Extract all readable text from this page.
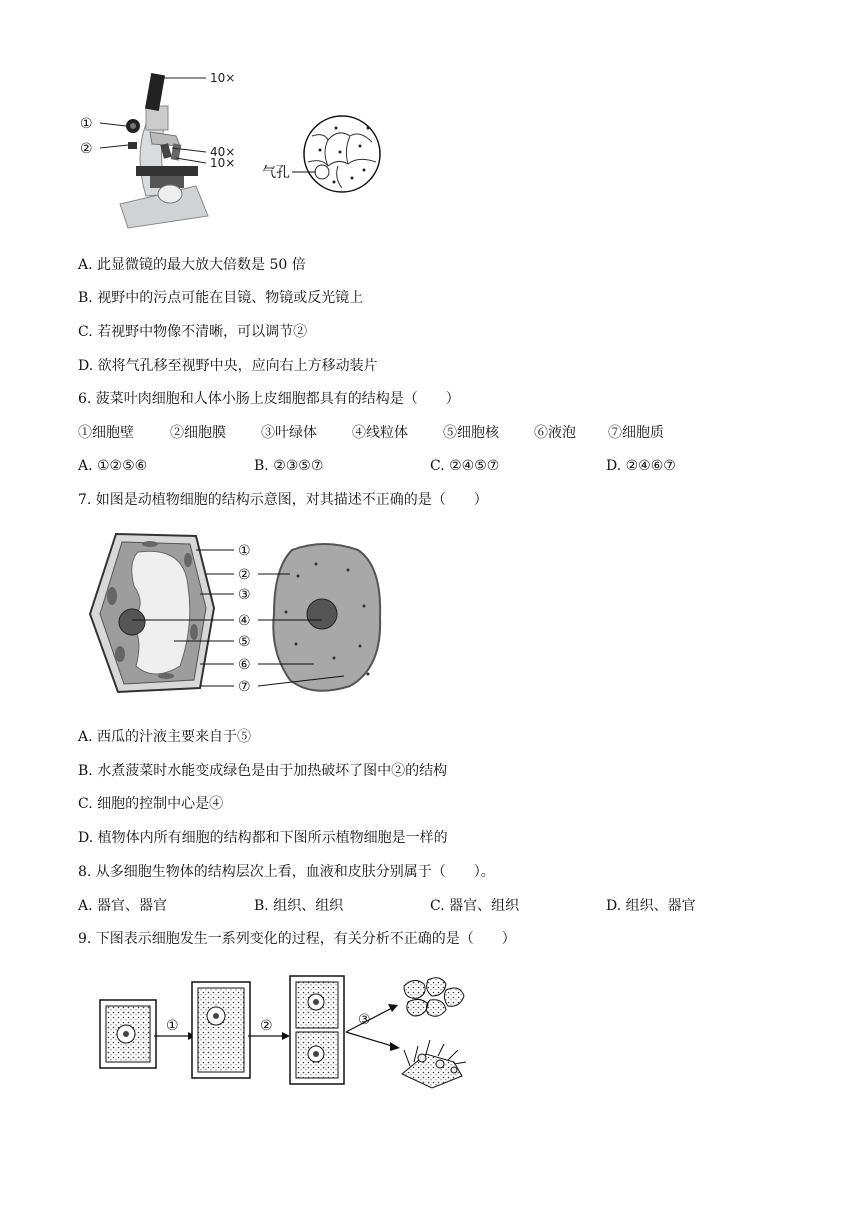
10×
40×
10×
①
②
气孔
A. 此显微镜的最大放大倍数是 50 倍
B. 视野中的污点可能在目镜、物镜或反光镜上
C. 若视野中物像不清晰，可以调节②
D. 欲将气孔移至视野中央，应向右上方移动装片
6. 菠菜叶肉细胞和人体小肠上皮细胞都具有的结构是（　　）
①细胞壁	②细胞膜	③叶绿体	④线粒体	⑤细胞核	⑥液泡 ⑦细胞质
A. ①②⑤⑥	B. ②③⑤⑦	C. ②④⑤⑦	D. ②④⑥⑦
7. 如图是动植物细胞的结构示意图，对其描述不正确的是（　　）
①
②
③
④
⑤
⑥
⑦
A. 西瓜的汁液主要来自于⑤
B. 水煮菠菜时水能变成绿色是由于加热破坏了图中②的结构
C. 细胞的控制中心是④
D. 植物体内所有细胞的结构都和下图所示植物细胞是一样的
8. 从多细胞生物体的结构层次上看，血液和皮肤分别属于（　　）。
A. 器官、器官	B. 组织、组织	C. 器官、组织	D. 组织、器官
9. 下图表示细胞发生一系列变化的过程，有关分析不正确的是（　　）
①	②	③
